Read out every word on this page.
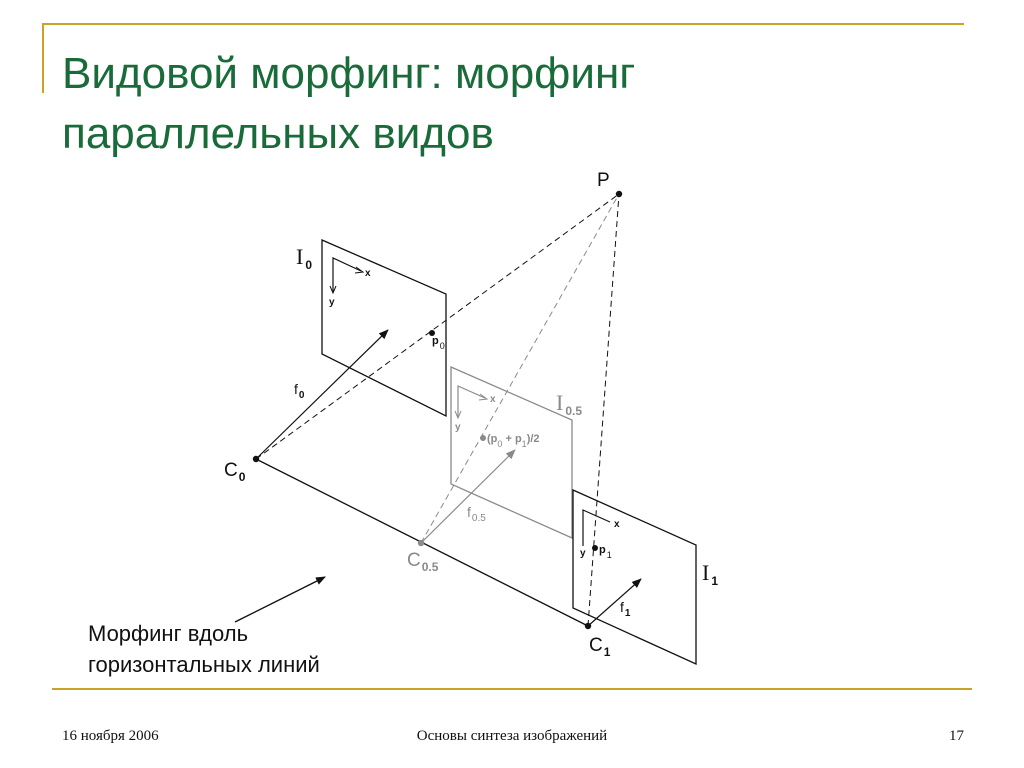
Видовой морфинг: морфинг
параллельных видов
P
I $_0$
I $_{0.5}$
I $_1$
$C_0$
$C_{0.5}$
$C_1$
$f_0$
$f_{0.5}$
$f_1$
$p_0$
$p_1$
$(p_0 + p_1)/2$
x
y
x
y
x
y
Морфинг вдоль
горизонтальных линий
16 ноября 2006	Основы синтеза изображений	17
